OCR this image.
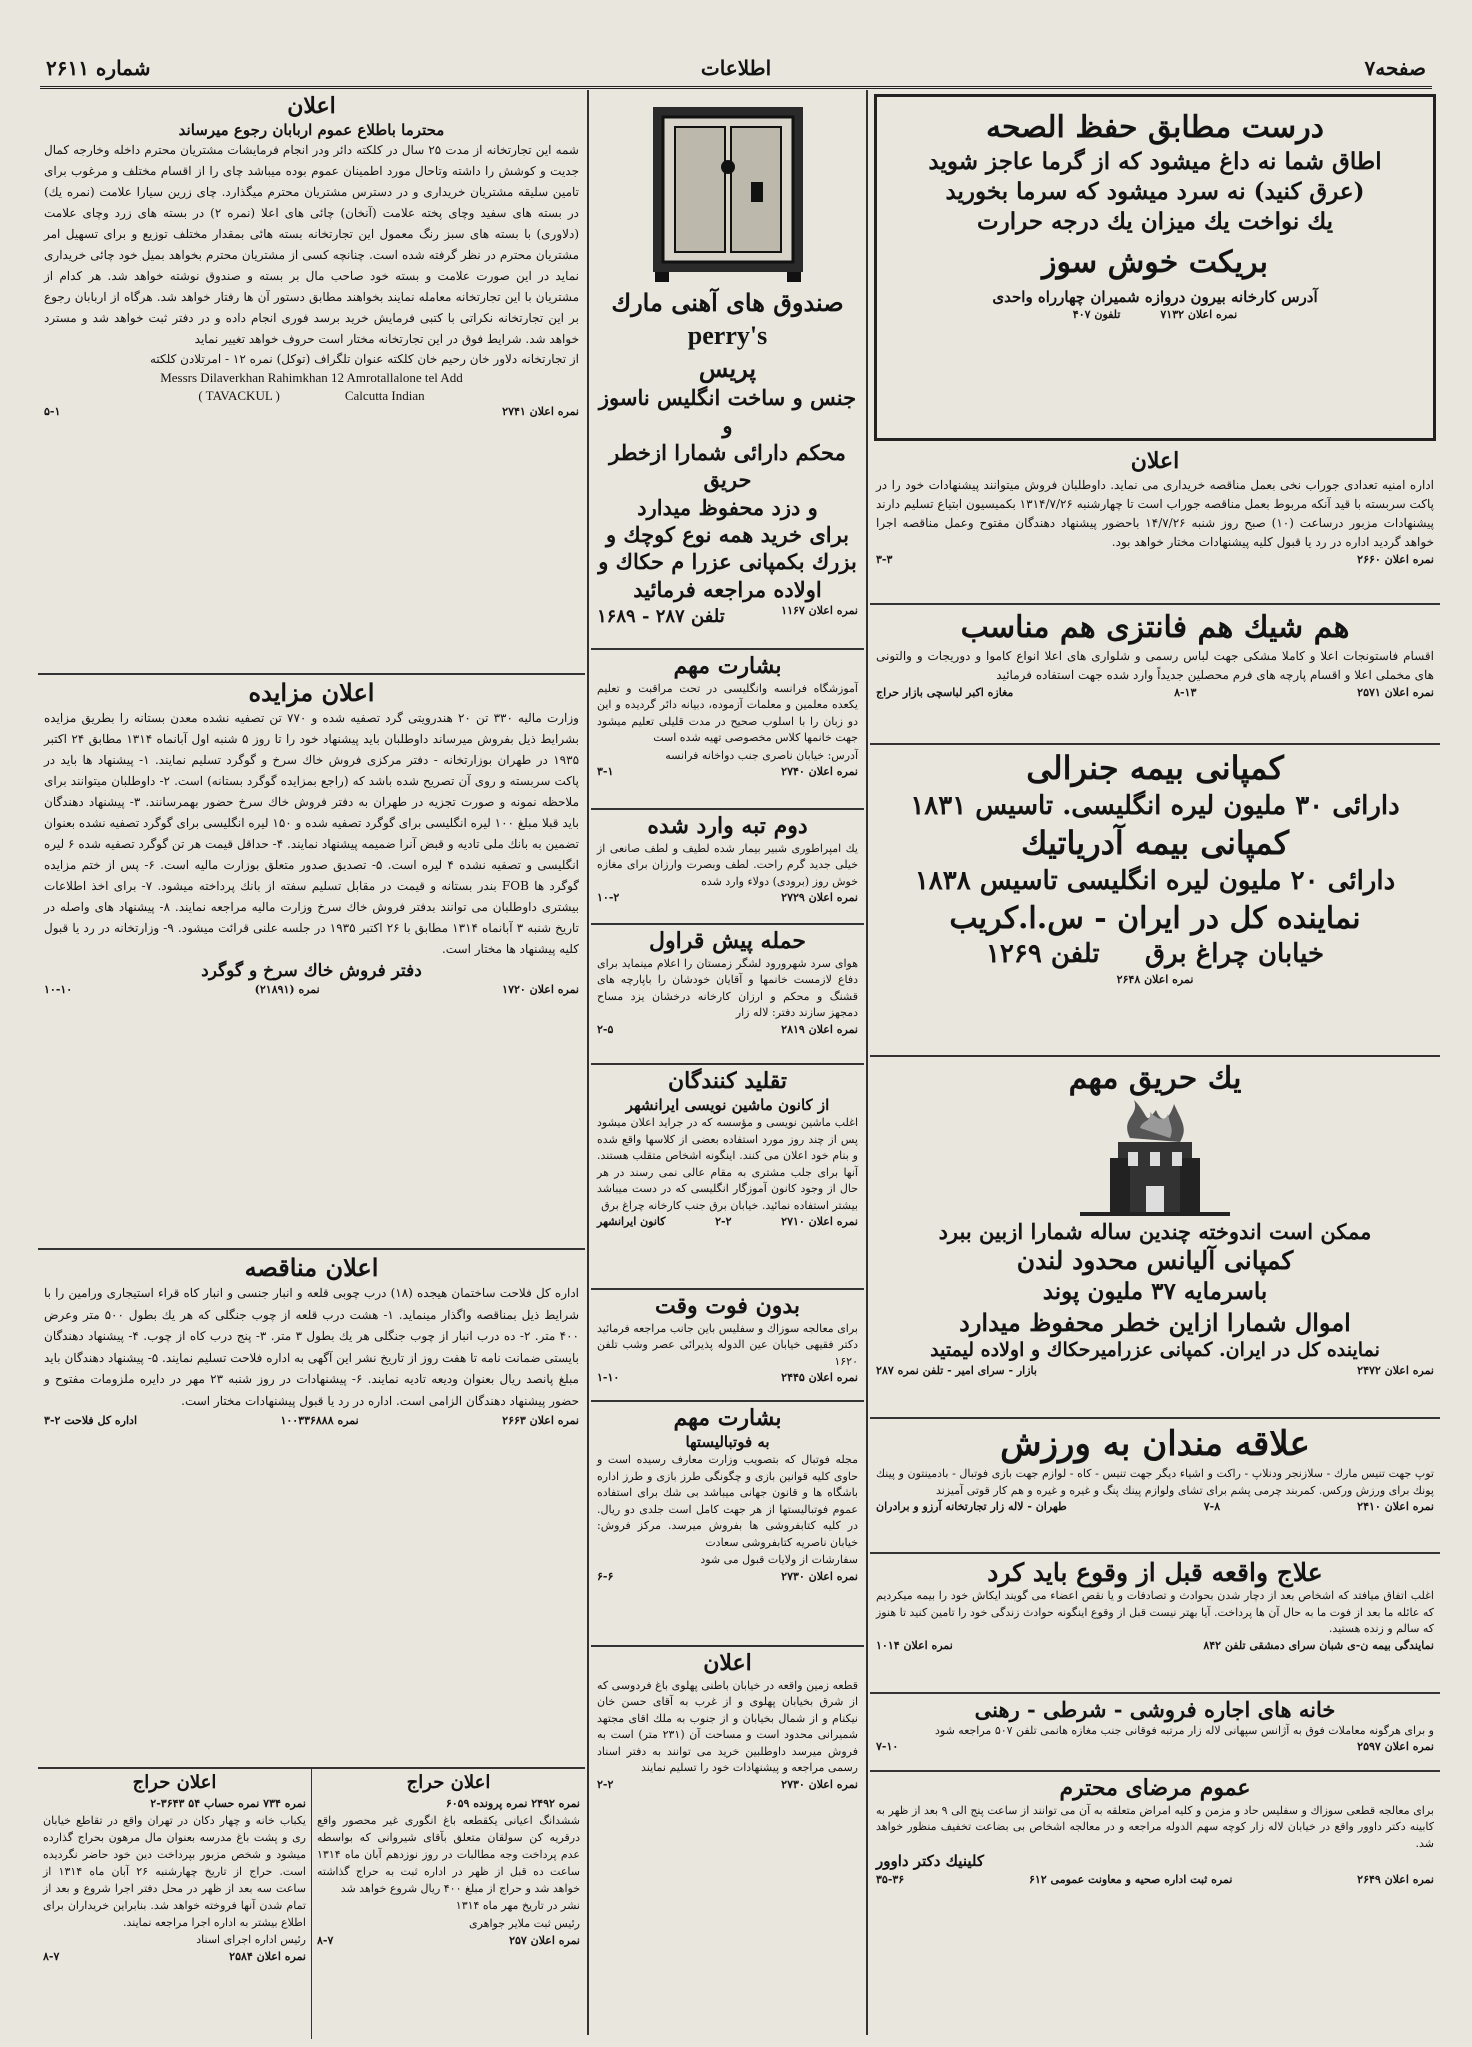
صفحه۷
اطلاعات
شماره ۲۶۱۱
درست مطابق حفظ الصحه
اطاق شما نه داغ میشود که از گرما عاجز شوید
(عرق کنید) نه سرد میشود که سرما بخورید
یك نواخت یك میزان یك درجه حرارت
بریکت خوش سوز
آدرس کارخانه بیرون دروازه شمیران چهارراه واحدی
نمره اعلان ۷۱۳۲
تلفون ۴۰۷
اعلان
اداره امنیه تعدادی جوراب نخی بعمل مناقصه خریداری می نماید. داوطلبان فروش میتوانند پیشنهادات خود را در پاکت سربسته با قید آنکه مربوط بعمل مناقصه جوراب است تا چهارشنبه ۱۳۱۴/۷/۲۶ بکمیسیون ابتیاع تسلیم دارند پیشنهادات مزبور درساعت (۱۰) صبح روز شنبه ۱۴/۷/۲۶ باحضور پیشنهاد دهندگان مفتوح وعمل مناقصه اجرا خواهد گردید اداره در رد یا قبول کلیه پیشنهادات مختار خواهد بود.
نمره اعلان ۲۶۶۰
۳-۳
هم شیك هم فانتزی هم مناسب
اقسام فاستونجات اعلا و کاملا مشکی جهت لباس رسمی و شلواری های اعلا انواع کاموا و دوریجات و والتونی های مخملی اعلا و اقسام پارچه های فرم محصلین جدیداً وارد شده جهت استفاده فرمائید
نمره اعلان ۲۵۷۱
۸-۱۳
مغازه اکبر لباسچی بازار حراج
کمپانی بیمه جنرالی
دارائی ۳۰ ملیون لیره انگلیسی. تاسیس ۱۸۳۱
کمپانی بیمه آدریاتیك
دارائی ۲۰ ملیون لیره انگلیسی تاسیس ۱۸۳۸
نماینده کل در ایران - س.ا.کریب
خیابان چراغ برق     تلفن ۱۲۶۹
نمره اعلان ۲۶۴۸
یك حریق مهم
ممکن است اندوخته چندین ساله شمارا ازبین ببرد
کمپانی آلیانس محدود لندن
باسرمایه ۳۷ ملیون پوند
اموال شمارا ازاین خطر محفوظ میدارد
نماینده کل در ایران. کمپانی عزرامیرحکاك و اولاده لیمتید
نمره اعلان ۲۴۷۲
بازار - سرای امیر - تلفن نمره ۲۸۷
علاقه مندان به ورزش
توپ جهت تنیس مارك - سلازنجر ودنلاپ - راکت و اشیاء دیگر جهت تنیس - کاه - لوازم جهت بازی فوتبال - بادمینتون و پینك پونك برای ورزش ورکس. کمربند چرمی پشم برای تشای ولوازم پینك پنگ و غیره و غیره و هم کار قوتی آمیزند
نمره اعلان ۲۴۱۰
۷-۸
طهران - لاله زار تجارتخانه آرزو و برادران
علاج واقعه قبل از وقوع باید کرد
اغلب اتفاق میافتد که اشخاص بعد از دچار شدن بحوادث و تصادفات و یا نقص اعضاء می گویند ایکاش خود را بیمه میکردیم که عائله ما بعد از فوت ما به حال آن ها پرداخت. آیا بهتر نیست قبل از وقوع اینگونه حوادث زندگی خود را تامین کنید تا هنوز که سالم و زنده هستید.
نمایندگی بیمه ن-ی شبان سرای دمشقی تلفن ۸۴۲
نمره اعلان ۱۰۱۴
خانه های اجاره فروشی - شرطی - رهنی
و برای هرگونه معاملات فوق به آژانس سپهانی لاله زار مرتبه فوقانی جنب مغازه هانمی تلفن ۵۰۷ مراجعه شود
نمره اعلان ۲۵۹۷
۷-۱۰
عموم مرضای محترم
برای معالجه قطعی سوزاك و سفلیس حاد و مزمن و کلیه امراض متعلقه به آن می توانند از ساعت پنج الی ۹ بعد از ظهر به کابینه دکتر داوور واقع در خیابان لاله زار کوچه سهم الدوله مراجعه و در معالجه اشخاص بی بضاعت تخفیف منظور خواهد شد.
کلینیك دکتر داوور
نمره اعلان ۲۶۴۹
نمره ثبت اداره صحیه و معاونت عمومی ۶۱۲
۳۵-۳۶
صندوق های آهنی مارك
perry's
پریس
جنس و ساخت انگلیس ناسوز و
محکم دارائی شمارا ازخطر حریق
و دزد محفوظ میدارد
برای خرید همه نوع کوچك و
بزرك بکمپانی عزرا م حکاك و
اولاده مراجعه فرمائید
نمره اعلان ۱۱۶۷
تلفن ۲۸۷ - ۱۶۸۹
بشارت مهم
آموزشگاه فرانسه وانگلیسی در تحت مراقبت و تعلیم یکعده معلمین و معلمات آزموده، دبیانه دائر گردیده و این دو زبان را با اسلوب صحیح در مدت قلیلی تعلیم میشود جهت خانمها کلاس مخصوصی تهیه شده است
آدرس: خیابان ناصری جنب دواخانه فرانسه
نمره اعلان ۲۷۴۰
۳-۱
دوم تبه وارد شده
یك امپراطوری شبیر بیمار شده لطیف و لطف صانعی از خیلی جدید گرم راحت. لطف وبصرت وارزان برای مغازه خوش روز (برودی) دولاء وارد شده
نمره اعلان ۲۷۲۹
۱۰-۲
حمله پیش قراول
هوای سرد شهرورود لشگر زمستان را اعلام مینماید برای دفاع لازمست خانمها و آقایان خودشان را باپارچه های قشنگ و محکم و ارزان کارخانه درخشان یزد مساح دمجهز سازند دفتر: لاله زار
نمره اعلان ۲۸۱۹
۲-۵
تقلید کنندگان
از کانون ماشین نویسی ایرانشهر
اغلب ماشین نویسی و مؤسسه که در جراید اعلان میشود پس از چند روز مورد استفاده بعضی از کلاسها واقع شده و بنام خود اعلان می کنند. اینگونه اشخاص متقلب هستند. آنها برای جلب مشتری به مقام عالی نمی رسند در هر حال از وجود کانون آموزگار انگلیسی که در دست میباشد بیشتر استفاده نمائید. خیابان برق جنب کارخانه چراغ برق
نمره اعلان ۲۷۱۰
۲-۲
کانون ایرانشهر
بدون فوت وقت
برای معالجه سوزاك و سفلیس باین جانب مراجعه فرمائید دکتر فقیهی خیابان عین الدوله پذیرائی عصر وشب تلفن ۱۶۲۰
نمره اعلان ۲۴۴۵
۱-۱۰
بشارت مهم
به فوتبالیستها
مجله فوتبال که بتصویب وزارت معارف رسیده است و حاوی کلیه قوانین بازی و چگونگی طرز بازی و طرز اداره باشگاه ها و قانون جهانی میباشد بی شك برای استفاده عموم فوتبالیستها از هر جهت کامل است جلدی دو ریال. در کلیه کتابفروشی ها بفروش میرسد. مرکز فروش: خیابان ناصریه کتابفروشی سعادت
سفارشات از ولایات قبول می شود
نمره اعلان ۲۷۳۰
۶-۶
اعلان
قطعه زمین واقعه در خیابان باطنی پهلوی باغ فردوسی که از شرق بخیابان پهلوی و از غرب به آقای حسن خان نیکنام و از شمال بخیابان و از جنوب به ملك اقای مجتهد شمیرانی محدود است و مساحت آن (۲۳۱ متر) است به فروش میرسد داوطلبین خرید می توانند به دفتر اسناد رسمی مراجعه و پیشنهادات خود را تسلیم نمایند
نمره اعلان ۲۷۳۰
۲-۲
اعلان
محترما باطلاع عموم اربابان رجوع میرساند
شمه این تجارتخانه از مدت ۲۵ سال در کلکته دائر ودر انجام فرمایشات مشتریان محترم داخله وخارجه کمال جدیت و کوشش را داشته وتاحال مورد اطمینان عموم بوده میباشد چای را از اقسام مختلف و مرغوب برای تامین سلیقه مشتریان خریداری و در دسترس مشتریان محترم میگذارد. چای زرین سیارا علامت (نمره یك) در بسته های سفید وچای پخته علامت (آنخان) چائی های اعلا (نمره ۲) در بسته های زرد وچای علامت (دلاوری) با بسته های سبز رنگ معمول این تجارتخانه بسته هائی بمقدار مختلف توزیع و برای تسهیل امر مشتریان محترم در نظر گرفته شده است. چنانچه کسی از مشتریان محترم بخواهد بمیل خود چائی خریداری نماید در این صورت علامت و بسته خود صاحب مال بر بسته و صندوق نوشته خواهد شد. هر کدام از مشتریان با این تجارتخانه معامله نمایند بخواهند مطابق دستور آن ها رفتار خواهد شد. هرگاه از اربابان رجوع بر این تجارتخانه نکراتی با کتبی فرمایش خرید برسد فوری انجام داده و در دفتر ثبت خواهد شد و مسترد خواهد شد. شرایط فوق در این تجارتخانه مختار است حروف خواهد تغییر نماید
از تجارتخانه دلاور خان رحیم خان کلکته عنوان تلگراف (توکل) نمره ۱۲ - امرتلادن کلکته
Messrs Dilaverkhan Rahimkhan 12 Amrotallalone tel Add
( TAVACKUL )                    Calcutta Indian
نمره اعلان ۲۷۴۱
۵-۱
اعلان مزایده
وزارت مالیه ۳۳۰ تن ۲۰ هندرویتی گرد تصفیه شده و ۷۷۰ تن تصفیه نشده معدن بستانه را بطریق مزایده بشرایط ذیل بفروش میرساند داوطلبان باید پیشنهاد خود را تا روز ۵ شنبه اول آبانماه ۱۳۱۴ مطابق ۲۴ اکتبر ۱۹۳۵ در طهران بوزارتخانه - دفتر مرکزی فروش خاك سرخ و گوگرد تسلیم نمایند. ۱- پیشنهاد ها باید در پاکت سربسته و روی آن تصریح شده باشد که (راجع بمزایده گوگرد بستانه) است. ۲- داوطلبان میتوانند برای ملاحظه نمونه و صورت تجزیه در طهران به دفتر فروش خاك سرخ حضور بهمرسانند. ۳- پیشنهاد دهندگان باید قبلا مبلغ ۱۰۰ لیره انگلیسی برای گوگرد تصفیه شده و ۱۵۰ لیره انگلیسی برای گوگرد تصفیه نشده بعنوان تضمین به بانك ملی تادیه و قبض آنرا ضمیمه پیشنهاد نمایند. ۴- حداقل قیمت هر تن گوگرد تصفیه شده ۶ لیره انگلیسی و تصفیه نشده ۴ لیره است. ۵- تصدیق صدور متعلق بوزارت مالیه است. ۶- پس از ختم مزایده گوگرد ها FOB بندر بستانه و قیمت در مقابل تسلیم سفته از بانك پرداخته میشود. ۷- برای اخذ اطلاعات بیشتری داوطلبان می توانند بدفتر فروش خاك سرخ وزارت مالیه مراجعه نمایند. ۸- پیشنهاد های واصله در تاریخ شنبه ۳ آبانماه ۱۳۱۴ مطابق با ۲۶ اکتبر ۱۹۳۵ در جلسه علنی قرائت میشود. ۹- وزارتخانه در رد یا قبول کلیه پیشنهاد ها مختار است.
دفتر فروش خاك سرخ و گوگرد
نمره اعلان ۱۷۲۰
نمره (۲۱۸۹۱)
۱۰-۱۰
اعلان مناقصه
اداره کل فلاحت ساختمان هیجده (۱۸) درب چوبی قلعه و انبار جنسی و انبار کاه قراء استیجاری ورامین را با شرایط ذیل بمناقصه واگذار مینماید. ۱- هشت درب قلعه از چوب جنگلی که هر یك بطول ۵۰۰ متر وعرض ۴۰۰ متر. ۲- ده درب انبار از چوب جنگلی هر یك بطول ۳ متر. ۳- پنج درب کاه از چوب. ۴- پیشنهاد دهندگان بایستی ضمانت نامه تا هفت روز از تاریخ نشر این آگهی به اداره فلاحت تسلیم نمایند. ۵- پیشنهاد دهندگان باید مبلغ پانصد ریال بعنوان ودیعه تادیه نمایند. ۶- پیشنهادات در روز شنبه ۲۳ مهر در دایره ملزومات مفتوح و حضور پیشنهاد دهندگان الزامی است. اداره در رد یا قبول پیشنهادات مختار است.
نمره اعلان ۲۶۶۳
نمره ۱۰۰۳۳۶۸۸۸
اداره کل فلاحت ۲-۳
اعلان حراج
نمره ۲۴۹۲ نمره پرونده ۶۰۵۹
ششدانگ اعیانی یکقطعه باغ انگوری غیر محصور واقع درقریه کن سولقان متعلق بآقای شیروانی که بواسطه عدم پرداخت وجه مطالبات در روز نوزدهم آبان ماه ۱۳۱۴ ساعت ده قبل از ظهر در اداره ثبت به حراج گذاشته خواهد شد و حراج از مبلغ ۴۰۰ ریال شروع خواهد شد
نشر در تاریخ مهر ماه ۱۳۱۴
رئیس ثبت ملایر جواهری
نمره اعلان ۲۵۷
۸-۷
اعلان حراج
نمره ۷۳۴ نمره حساب ۵۴ ۳۶۴۳-۲
یکباب خانه و چهار دکان در تهران واقع در تقاطع خیابان ری و پشت باغ مدرسه بعنوان مال مرهون بحراج گذارده میشود و شخص مزبور بپرداخت دین خود حاضر نگردیده است. حراج از تاریخ چهارشنبه ۲۶ آبان ماه ۱۳۱۴ از ساعت سه بعد از ظهر در محل دفتر اجرا شروع و بعد از تمام شدن آنها فروخته خواهد شد. بنابراین خریداران برای اطلاع بیشتر به اداره اجرا مراجعه نمایند.
رئیس اداره اجرای اسناد
نمره اعلان ۲۵۸۴
۸-۷
